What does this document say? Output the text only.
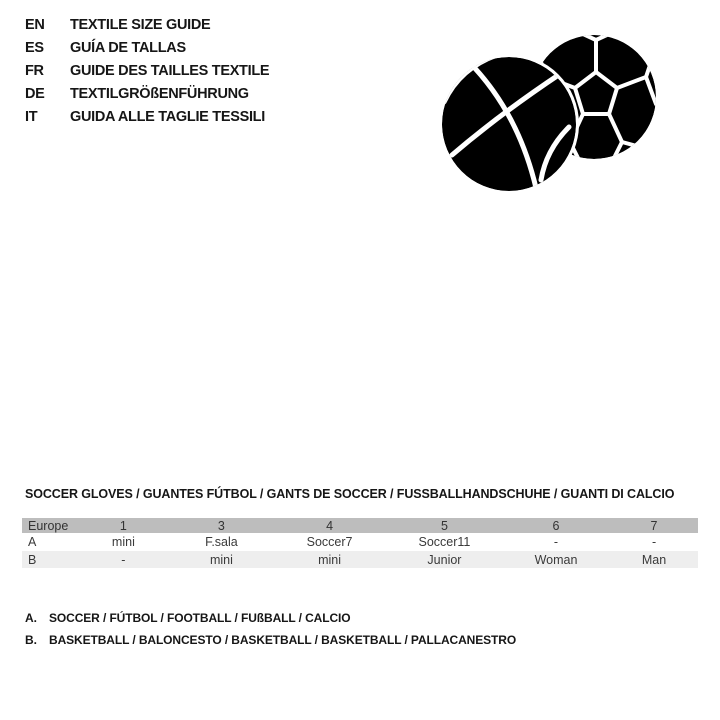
EN	TEXTILE SIZE GUIDE
ES	GUÍA DE TALLAS
FR	GUIDE DES TAILLES TEXTILE
DE	TEXTILGRÖßENFÜHRUNG
IT	GUIDA ALLE TAGLIE TESSILI
SOCCER GLOVES / GUANTES FÚTBOL / GANTS DE SOCCER / FUSSBALLHANDSCHUHE / GUANTI DI CALCIO
Europe	1	3	4	5	6	7
A	mini	F.sala	Soccer7	Soccer11	-	-
B	-	mini	mini	Junior	Woman	Man
A.	SOCCER / FÚTBOL / FOOTBALL / FUßBALL / CALCIO
B.	BASKETBALL / BALONCESTO / BASKETBALL / BASKETBALL / PALLACANESTRO
